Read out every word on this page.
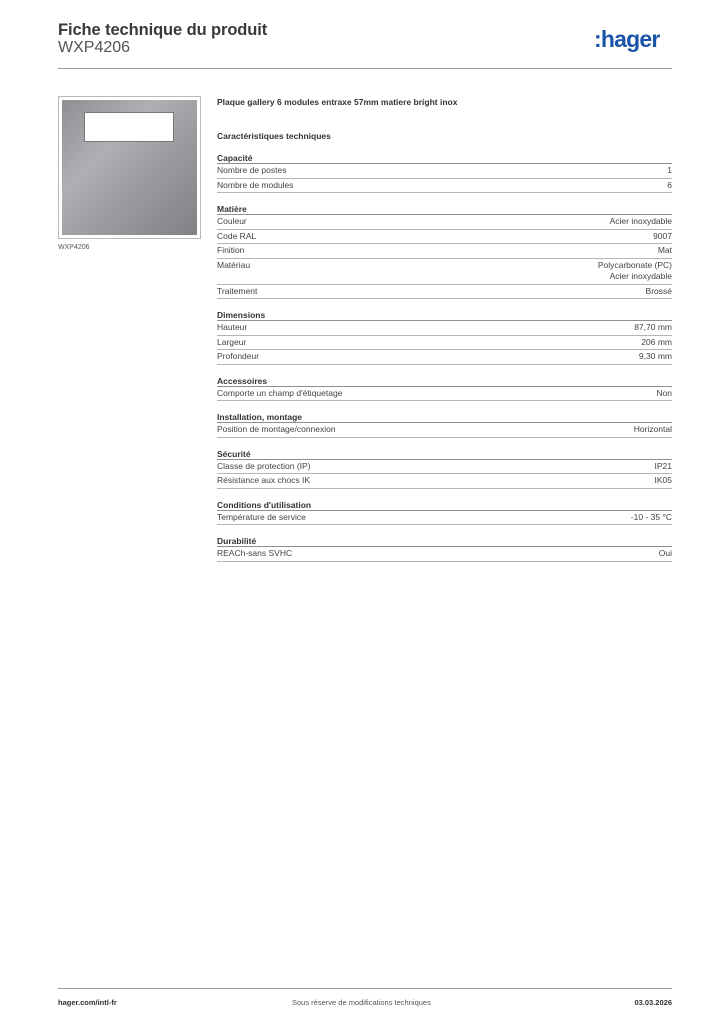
Fiche technique du produit
WXP4206	:hager
WXP4206
Plaque gallery 6 modules entraxe 57mm matiere bright inox
Caractéristiques techniques
Capacité
Nombre de postes	1
Nombre de modules	6
Matière
Couleur	Acier inoxydable
Code RAL	9007
Finition	Mat
Matériau	Polycarbonate (PC)
Acier inoxydable
Traitement	Brossé
Dimensions
Hauteur	87,70 mm
Largeur	206 mm
Profondeur	9,30 mm
Accessoires
Comporte un champ d'étiquetage	Non
Installation, montage
Position de montage/connexion	Horizontal
Sécurité
Classe de protection (IP)	IP21
Résistance aux chocs IK	IK05
Conditions d'utilisation
Température de service	-10 - 35 °C
Durabilité
REACh-sans SVHC	Oui
hager.com/intl-fr	Sous réserve de modifications techniques	03.03.2026
